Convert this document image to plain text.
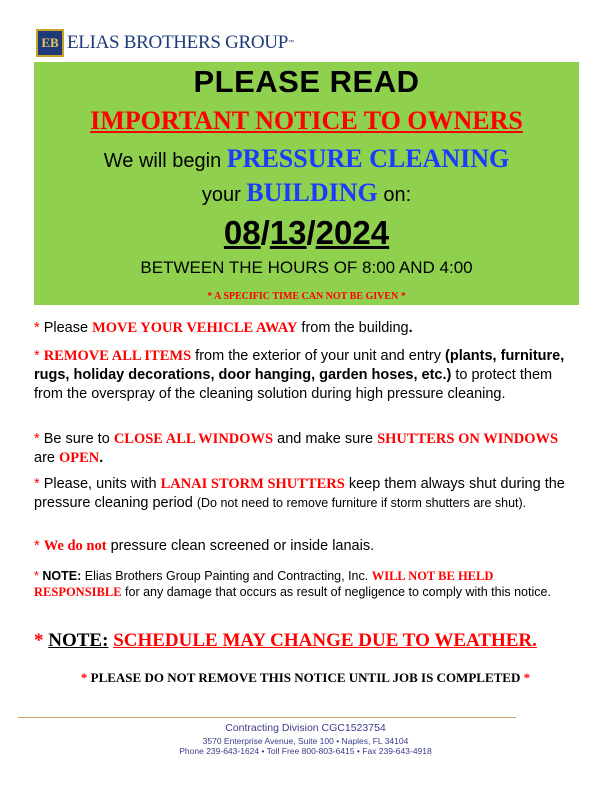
EB ELIAS BROTHERS GROUP ™
PLEASE READ
IMPORTANT NOTICE TO OWNERS
We will begin PRESSURE CLEANING
your BUILDING on:
08/13/2024
BETWEEN THE HOURS OF 8:00 AND 4:00
* A SPECIFIC TIME CAN NOT BE GIVEN *
* Please MOVE YOUR VEHICLE AWAY from the building.
* REMOVE ALL ITEMS from the exterior of your unit and entry (plants, furniture, rugs, holiday decorations, door hanging, garden hoses, etc.) to protect them from the overspray of the cleaning solution during high pressure cleaning.
* Be sure to CLOSE ALL WINDOWS and make sure SHUTTERS ON WINDOWS are OPEN.
* Please, units with LANAI STORM SHUTTERS keep them always shut during the pressure cleaning period (Do not need to remove furniture if storm shutters are shut).
* We do not pressure clean screened or inside lanais.
* NOTE: Elias Brothers Group Painting and Contracting, Inc. WILL NOT BE HELD RESPONSIBLE for any damage that occurs as result of negligence to comply with this notice.
* NOTE: SCHEDULE MAY CHANGE DUE TO WEATHER.
* PLEASE DO NOT REMOVE THIS NOTICE UNTIL JOB IS COMPLETED *
Contracting Division CGC1523754
3570 Enterprise Avenue, Suite 100 • Naples, FL 34104
Phone 239-643-1624 • Toll Free 800-803-6415 • Fax 239-643-4918
